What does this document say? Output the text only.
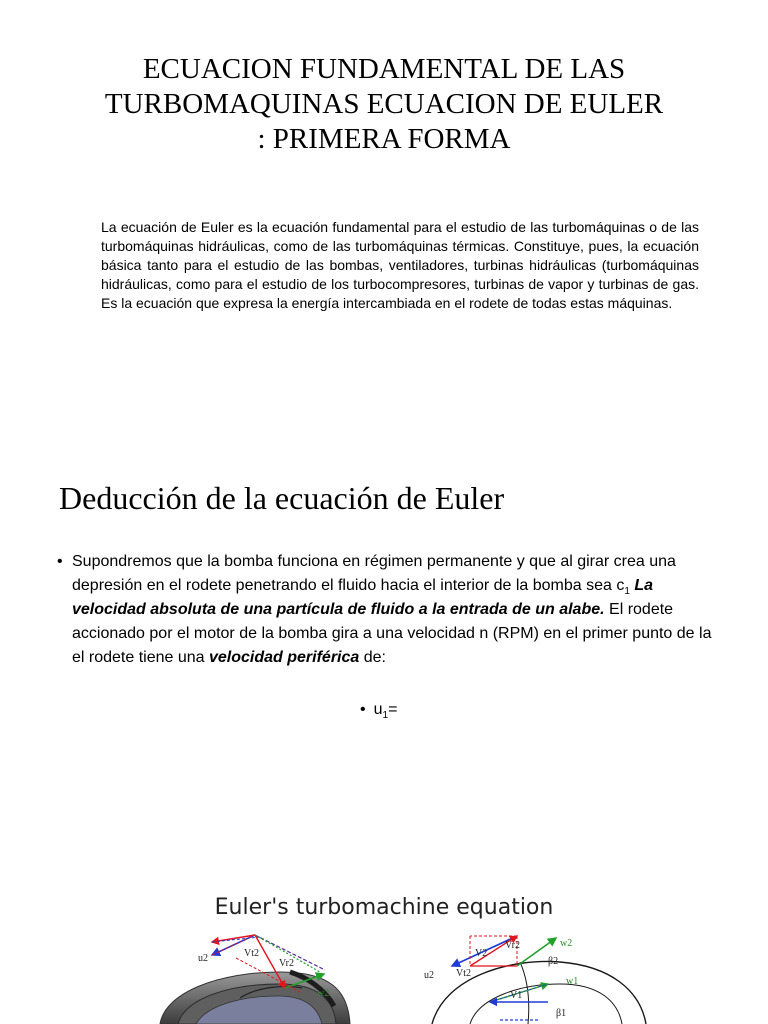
ECUACION FUNDAMENTAL DE LAS
TURBOMAQUINAS ECUACION DE EULER
: PRIMERA FORMA

La ecuación de Euler es la ecuación fundamental para el estudio de las turbomáquinas o de las turbomáquinas hidráulicas, como de las turbomáquinas térmicas. Constituye, pues, la ecuación básica tanto para el estudio de las bombas, ventiladores, turbinas hidráulicas (turbomáquinas hidráulicas, como para el estudio de los turbocompresores, turbinas de vapor y turbinas de gas. Es la ecuación que expresa la energía intercambiada en el rodete de todas estas máquinas.

Deducción de la ecuación de Euler

• Supondremos que la bomba funciona en régimen permanente y que al girar crea una depresión en el rodete penetrando el fluido hacia el interior de la bomba sea $c_1$ La velocidad absoluta de una partícula de fluido a la entrada de un alabe. El rodete accionado por el motor de la bomba gira a una velocidad n (RPM) en el primer punto de la el rodete tiene una velocidad periférica de:

• $u_1=$
Euler's turbomachine equation
u2	Vt2
Vr2
w2
V2
Vr2
u2 Vt2
w2
β2
w1
V1
β1
